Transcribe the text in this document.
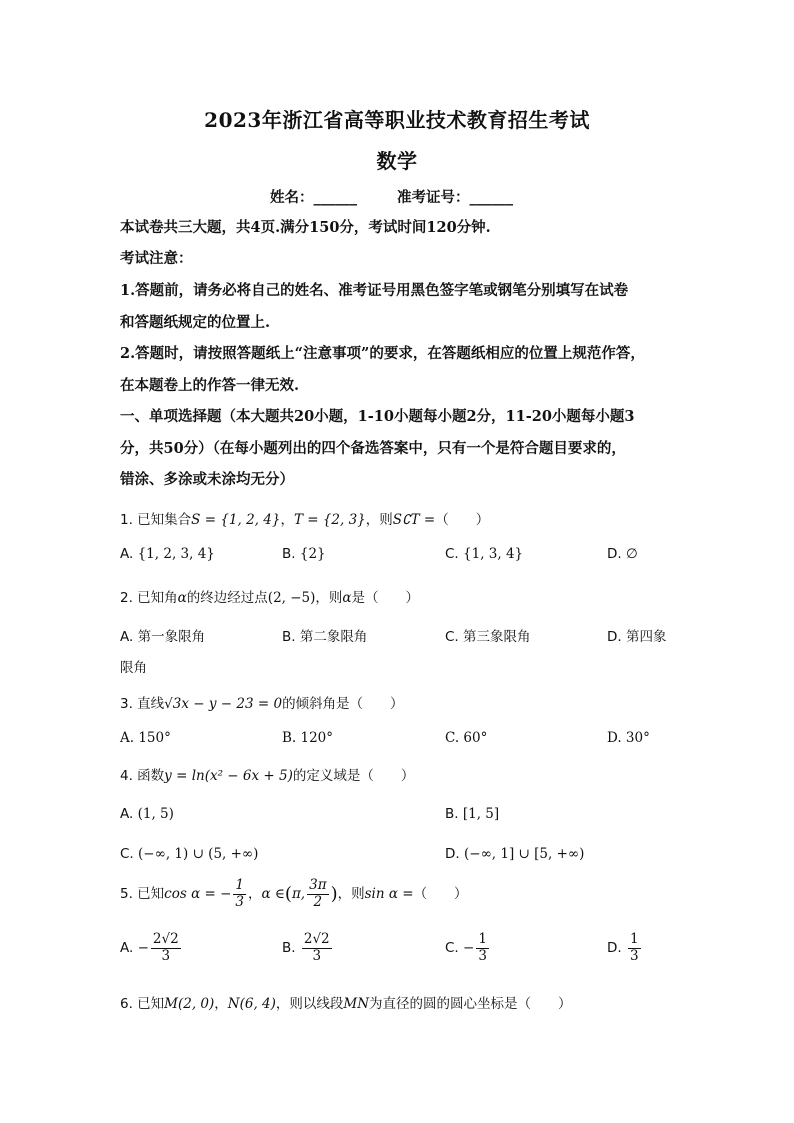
2023年浙江省高等职业技术教育招生考试
数学
姓名：______	准考证号：______
本试卷共三大题，共4页.满分150分，考试时间120分钟.
考试注意：
1.答题前，请务必将自己的姓名、准考证号用黑色签字笔或钢笔分别填写在试卷
和答题纸规定的位置上.
2.答题时，请按照答题纸上“注意事项”的要求，在答题纸相应的位置上规范作答，
在本题卷上的作答一律无效.
一、单项选择题（本大题共20小题，1-10小题每小题2分，11-20小题每小题3
分，共50分）（在每小题列出的四个备选答案中，只有一个是符合题目要求的，
错涂、多涂或未涂均无分）
1. 已知集合S = {1, 2, 4}，T = {2, 3}，则S∁T =（　　）
A. {1, 2, 3, 4}	B. {2}	C. {1, 3, 4}	D. ∅
2. 已知角α的终边经过点(2, −5)，则α是（　　）
A. 第一象限角	B. 第二象限角	C. 第三象限角	D. 第四象
限角
3. 直线√3x − y − 23 = 0的倾斜角是（　　）
A. 150°	B. 120°	C. 60°	D. 30°
4. 函数y = ln(x² − 6x + 5)的定义域是（　　）
A. (1, 5)	B. [1, 5]
C. (−∞, 1) ∪ (5, +∞)	D. (−∞, 1] ∪ [5, +∞)
5. 已知cos α = − $\frac{1}{3}$ ，α ∈(π, $\frac{3\pi}{2}$ )，则sin α =（　　）
A. − $\frac{2√2}{3}$	B. $\frac{2√2}{3}$	C. − $\frac{1}{3}$	D. $\frac{1}{3}$
6. 已知M(2, 0)，N(6, 4)，则以线段MN为直径的圆的圆心坐标是（　　）
